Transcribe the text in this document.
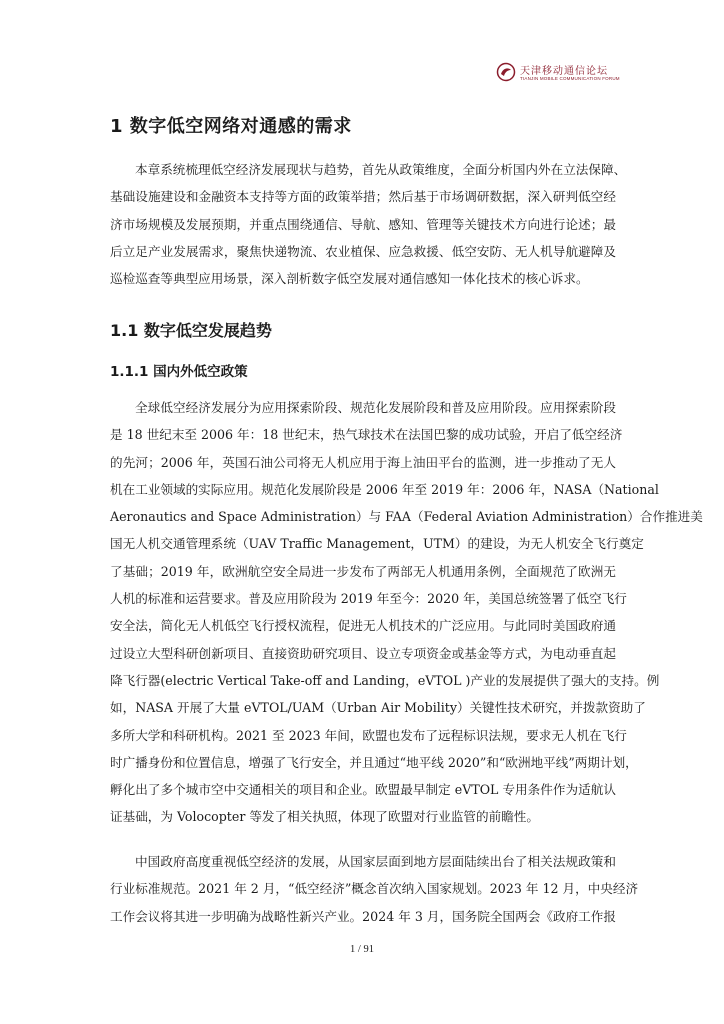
天津移动通信论坛
TIANJIN MOBILE COMMUNICATION FORUM
1 数字低空网络对通感的需求
本章系统梳理低空经济发展现状与趋势，首先从政策维度，全面分析国内外在立法保障、
基础设施建设和金融资本支持等方面的政策举措；然后基于市场调研数据，深入研判低空经
济市场规模及发展预期，并重点围绕通信、导航、感知、管理等关键技术方向进行论述；最
后立足产业发展需求，聚焦快递物流、农业植保、应急救援、低空安防、无人机导航避障及
巡检巡查等典型应用场景，深入剖析数字低空发展对通信感知一体化技术的核心诉求。
1.1 数字低空发展趋势
1.1.1 国内外低空政策
全球低空经济发展分为应用探索阶段、规范化发展阶段和普及应用阶段。应用探索阶段
是 18 世纪末至 2006 年：18 世纪末，热气球技术在法国巴黎的成功试验，开启了低空经济
的先河；2006 年，英国石油公司将无人机应用于海上油田平台的监测，进一步推动了无人
机在工业领域的实际应用。规范化发展阶段是 2006 年至 2019 年：2006 年，NASA（National
Aeronautics and Space Administration）与 FAA（Federal Aviation Administration）合作推进美
国无人机交通管理系统（UAV Traffic Management，UTM）的建设，为无人机安全飞行奠定
了基础；2019 年，欧洲航空安全局进一步发布了两部无人机通用条例，全面规范了欧洲无
人机的标准和运营要求。普及应用阶段为 2019 年至今：2020 年，美国总统签署了低空飞行
安全法，简化无人机低空飞行授权流程，促进无人机技术的广泛应用。与此同时美国政府通
过设立大型科研创新项目、直接资助研究项目、设立专项资金或基金等方式，为电动垂直起
降飞行器(electric Vertical Take-off and Landing，eVTOL )产业的发展提供了强大的支持。例
如，NASA 开展了大量 eVTOL/UAM（Urban Air Mobility）关键性技术研究，并拨款资助了
多所大学和科研机构。2021 至 2023 年间，欧盟也发布了远程标识法规，要求无人机在飞行
时广播身份和位置信息，增强了飞行安全，并且通过“地平线 2020”和“欧洲地平线”两期计划，
孵化出了多个城市空中交通相关的项目和企业。欧盟最早制定 eVTOL 专用条件作为适航认
证基础，为 Volocopter 等发了相关执照，体现了欧盟对行业监管的前瞻性。
中国政府高度重视低空经济的发展，从国家层面到地方层面陆续出台了相关法规政策和
行业标准规范。2021 年 2 月，“低空经济”概念首次纳入国家规划。2023 年 12 月，中央经济
工作会议将其进一步明确为战略性新兴产业。2024 年 3 月，国务院全国两会《政府工作报
1 / 91
